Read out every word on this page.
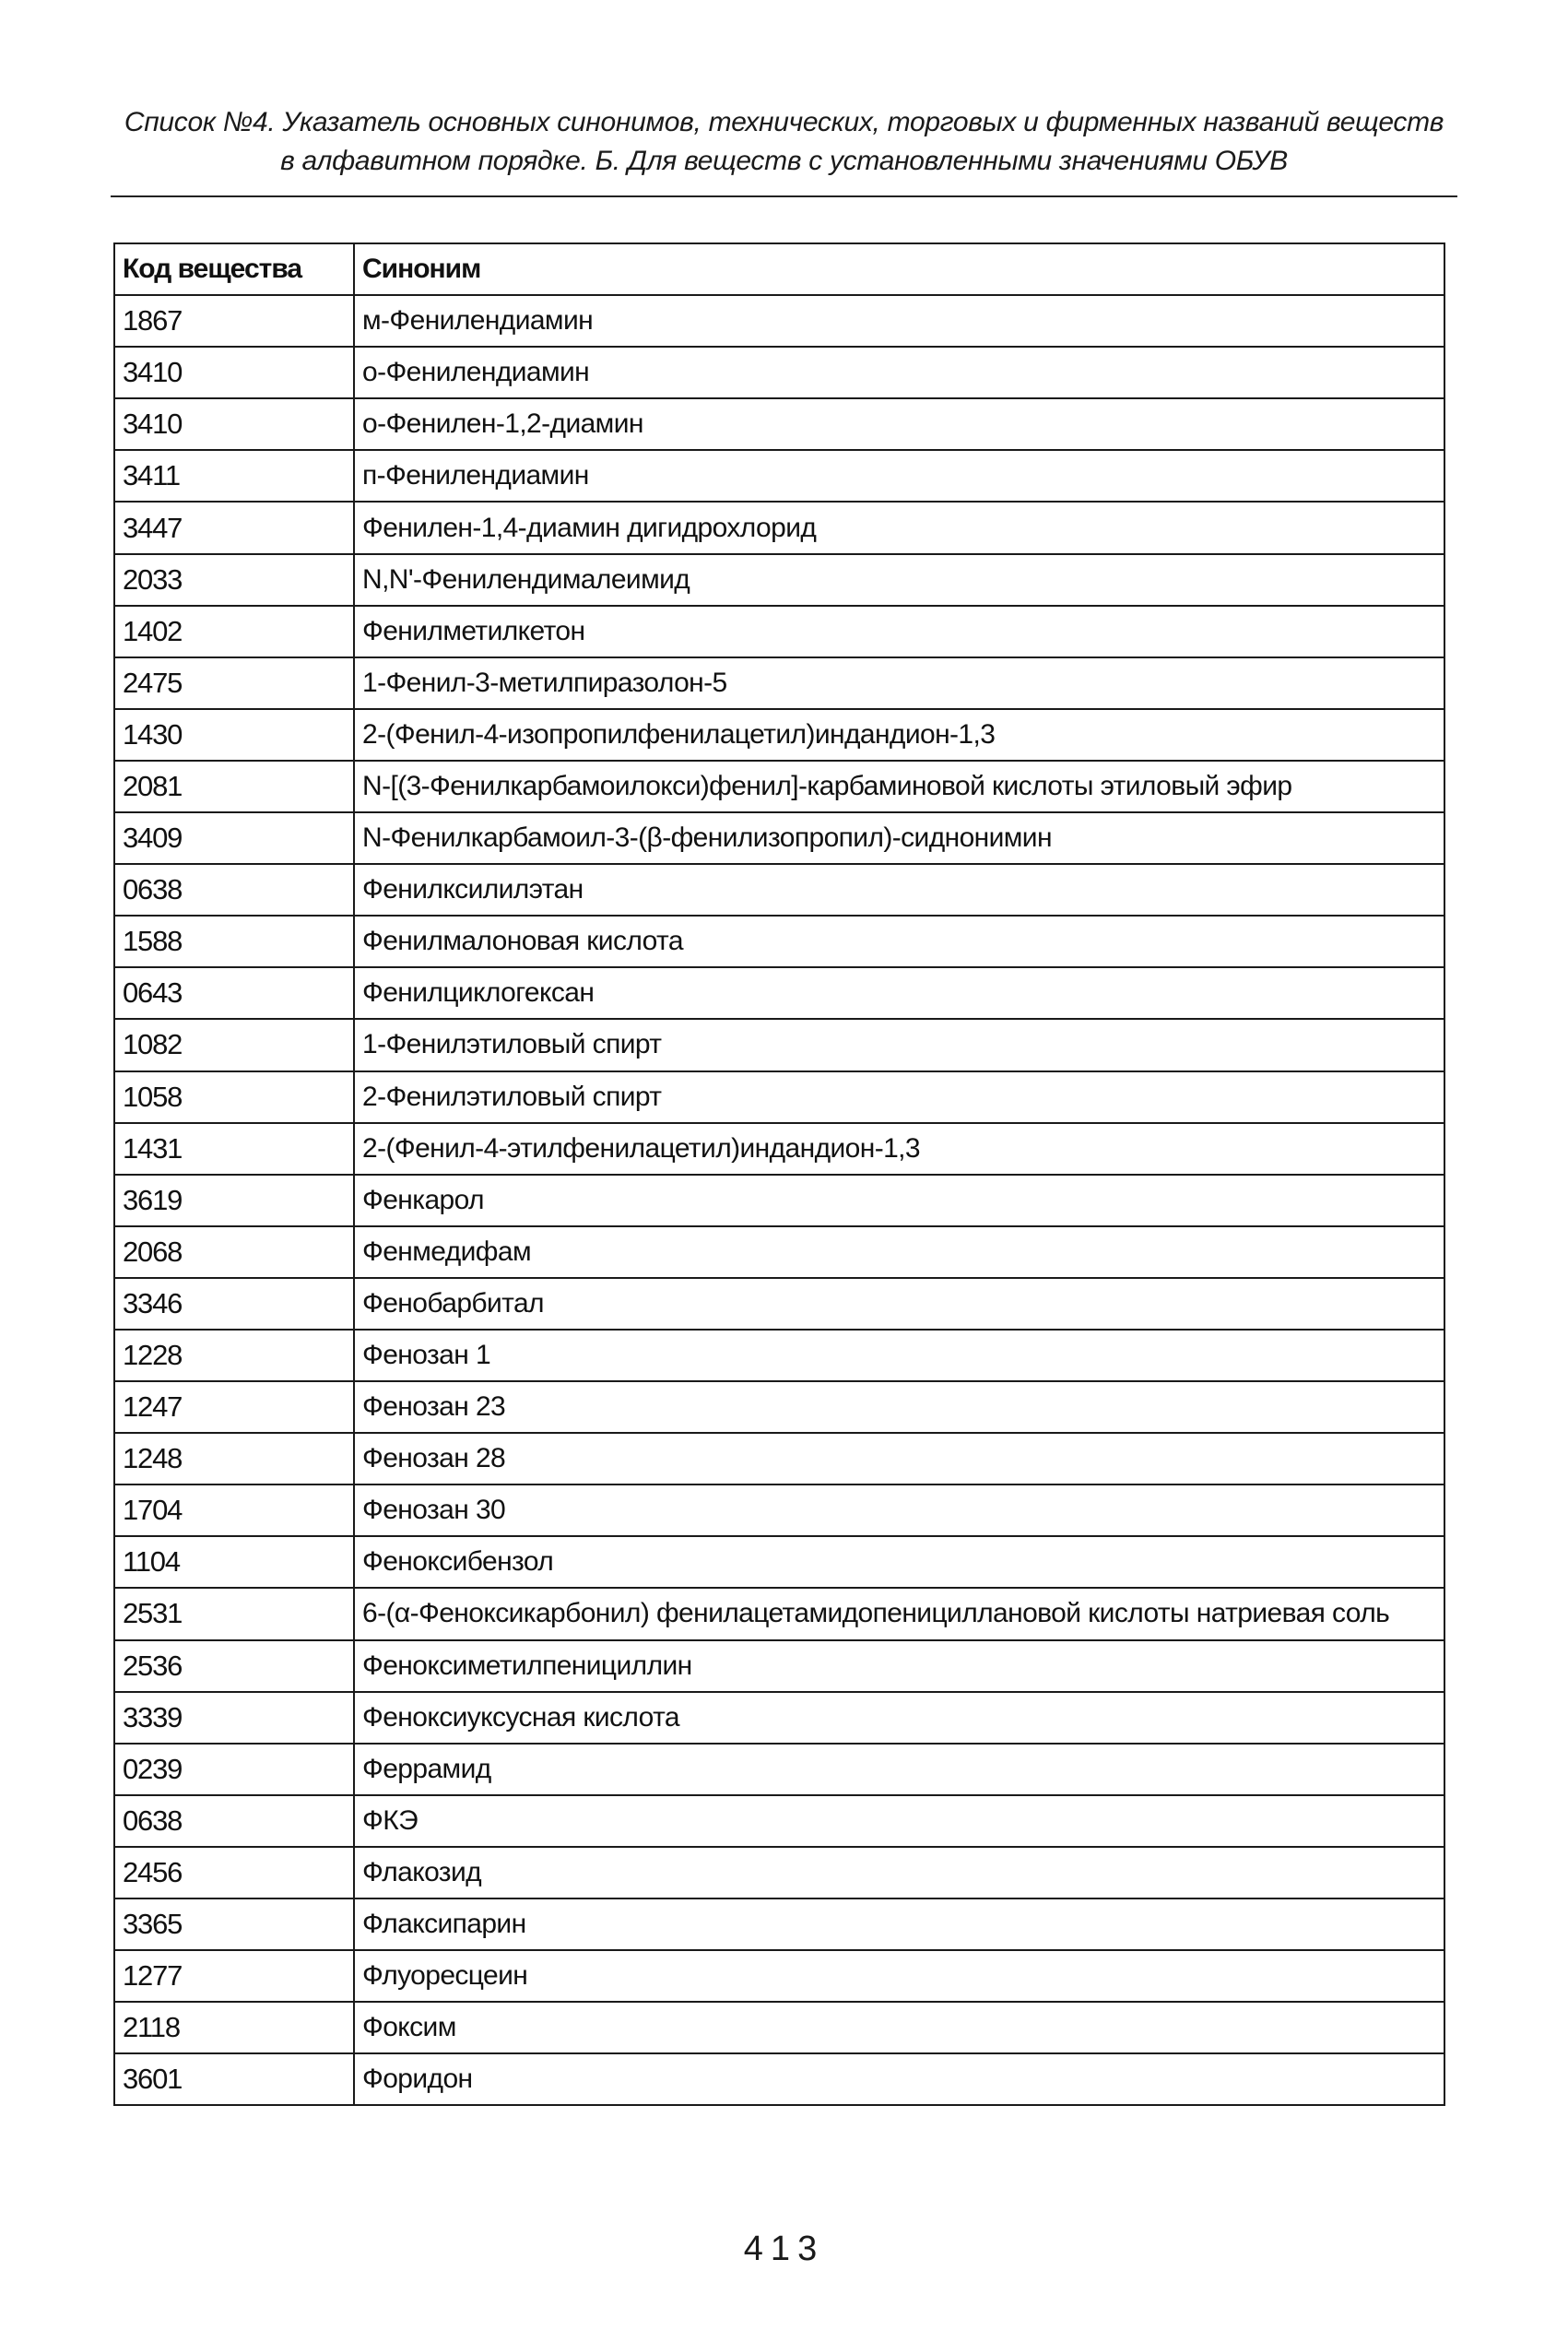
Список №4. Указатель основных синонимов, технических, торговых и фирменных названий веществ
в алфавитном порядке. Б. Для веществ с установленными значениями ОБУВ
Код вещества	Синоним
1867	м-Фенилендиамин
3410	о-Фенилендиамин
3410	о-Фенилен-1,2-диамин
3411	п-Фенилендиамин
3447	Фенилен-1,4-диамин дигидрохлорид
2033	N,N'-Фенилендималеимид
1402	Фенилметилкетон
2475	1-Фенил-3-метилпиразолон-5
1430	2-(Фенил-4-изопропилфенилацетил)индандион-1,3
2081	N-[(3-Фенилкарбамоилокси)фенил]-карбаминовой кислоты этиловый эфир
3409	N-Фенилкарбамоил-3-(β-фенилизопропил)-сиднонимин
0638	Фенилксилилэтан
1588	Фенилмалоновая кислота
0643	Фенилциклогексан
1082	1-Фенилэтиловый спирт
1058	2-Фенилэтиловый спирт
1431	2-(Фенил-4-этилфенилацетил)индандион-1,3
3619	Фенкарол
2068	Фенмедифам
3346	Фенобарбитал
1228	Фенозан 1
1247	Фенозан 23
1248	Фенозан 28
1704	Фенозан 30
1104	Феноксибензол
2531	6-(α-Феноксикарбонил) фенилацетамидопенициллановой кислоты натриевая соль
2536	Феноксиметилпенициллин
3339	Феноксиуксусная кислота
0239	Феррамид
0638	ФКЭ
2456	Флакозид
3365	Флаксипарин
1277	Флуоресцеин
2118	Фоксим
3601	Форидон
413
